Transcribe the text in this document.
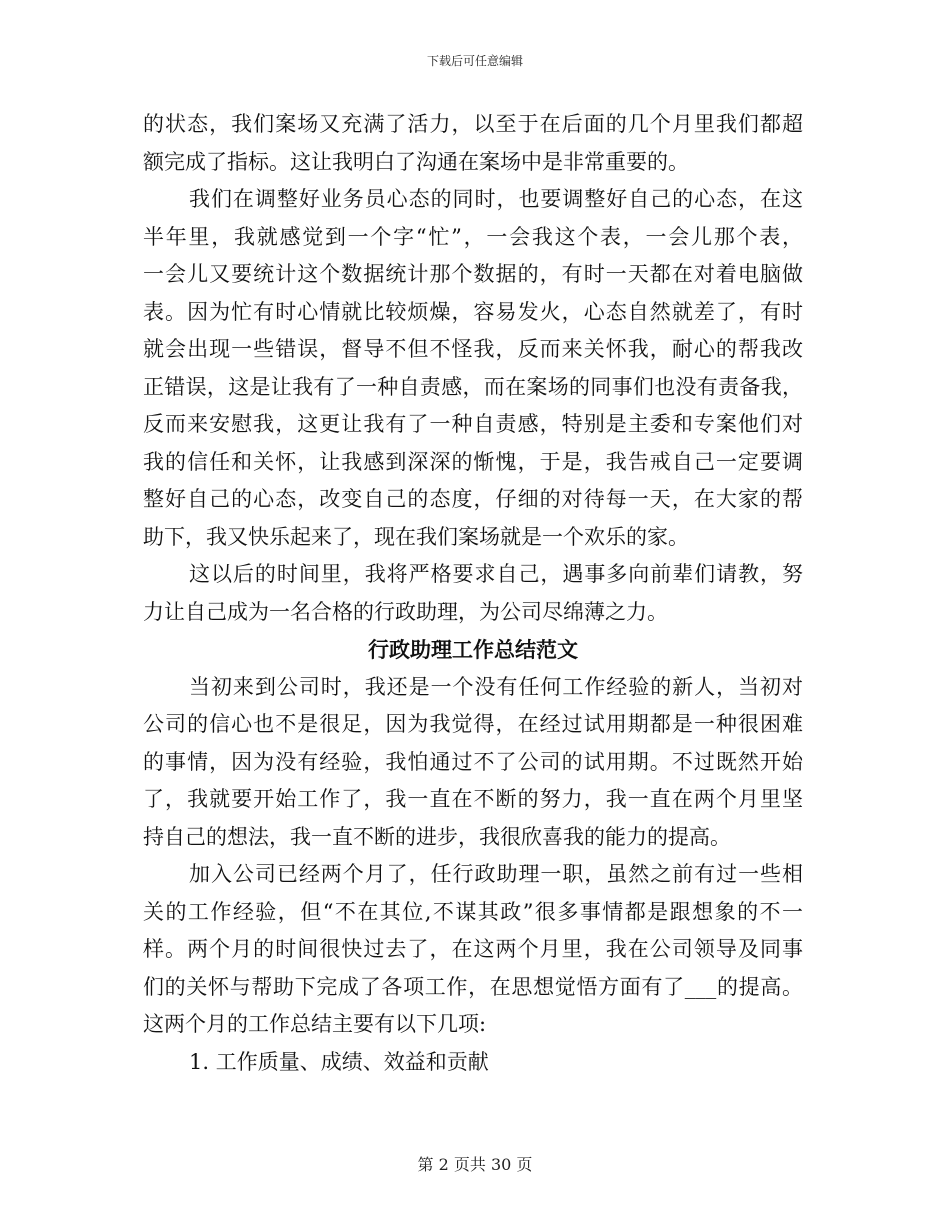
下载后可任意编辑
的状态，我们案场又充满了活力，以至于在后面的几个月里我们都超
额完成了指标。这让我明白了沟通在案场中是非常重要的。
我们在调整好业务员心态的同时，也要调整好自己的心态，在这
半年里，我就感觉到一个字“忙”，一会我这个表，一会儿那个表，
一会儿又要统计这个数据统计那个数据的，有时一天都在对着电脑做
表。因为忙有时心情就比较烦燥，容易发火，心态自然就差了，有时
就会出现一些错误，督导不但不怪我，反而来关怀我，耐心的帮我改
正错误，这是让我有了一种自责感，而在案场的同事们也没有责备我，
反而来安慰我，这更让我有了一种自责感，特别是主委和专案他们对
我的信任和关怀，让我感到深深的惭愧，于是，我告戒自己一定要调
整好自己的心态，改变自己的态度，仔细的对待每一天，在大家的帮
助下，我又快乐起来了，现在我们案场就是一个欢乐的家。
这以后的时间里，我将严格要求自己，遇事多向前辈们请教，努
力让自己成为一名合格的行政助理，为公司尽绵薄之力。
行政助理工作总结范文
当初来到公司时，我还是一个没有任何工作经验的新人，当初对
公司的信心也不是很足，因为我觉得，在经过试用期都是一种很困难
的事情，因为没有经验，我怕通过不了公司的试用期。不过既然开始
了，我就要开始工作了，我一直在不断的努力，我一直在两个月里坚
持自己的想法，我一直不断的进步，我很欣喜我的能力的提高。
加入公司已经两个月了，任行政助理一职，虽然之前有过一些相
关的工作经验，但“不在其位,不谋其政”很多事情都是跟想象的不一
样。两个月的时间很快过去了，在这两个月里，我在公司领导及同事
们的关怀与帮助下完成了各项工作，在思想觉悟方面有了___的提高。
这两个月的工作总结主要有以下几项:
1. 工作质量、成绩、效益和贡献
第 2 页共 30 页
